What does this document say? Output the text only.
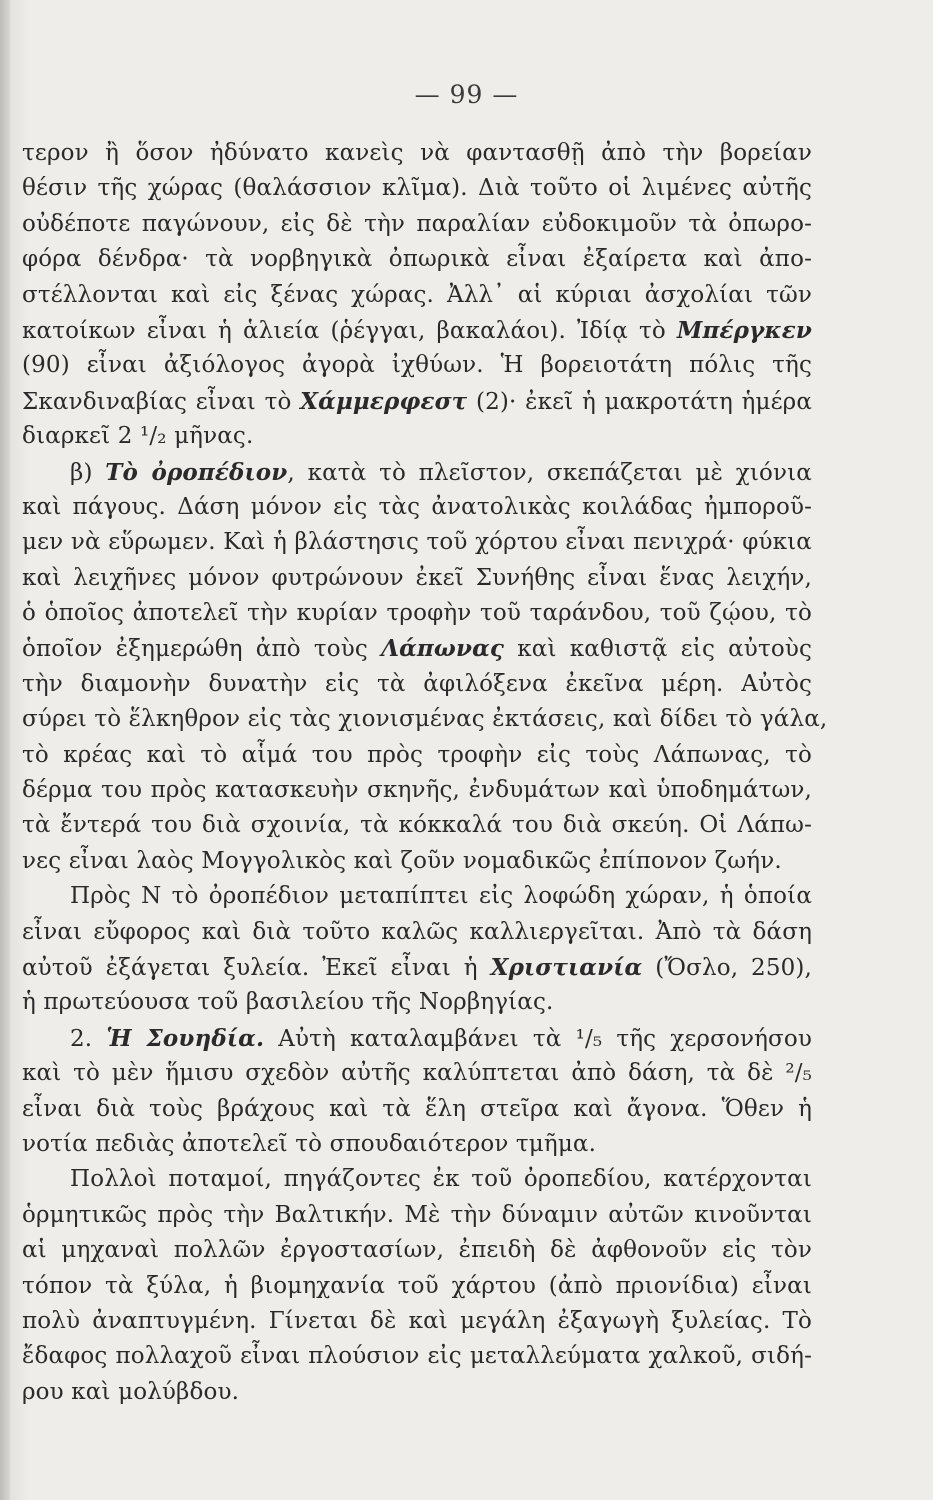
— 99 —
τερον ἢ ὅσον ἠδύνατο κανεὶς νὰ φαντασθῇ ἀπὸ τὴν βορείαν
θέσιν τῆς χώρας (θαλάσσιον κλῖμα). Διὰ τοῦτο οἱ λιμένες αὐτῆς
οὐδέποτε παγώνουν, εἰς δὲ τὴν παραλίαν εὐδοκιμοῦν τὰ ὀπωρο-
φόρα δένδρα· τὰ νορβηγικὰ ὀπωρικὰ εἶναι ἐξαίρετα καὶ ἀπο-
στέλλονται καὶ εἰς ξένας χώρας. Ἀλλ᾽ αἱ κύριαι ἀσχολίαι τῶν
κατοίκων εἶναι ἡ ἁλιεία (ῥέγγαι, βακαλάοι). Ἰδίᾳ τὸ Μπέργκεν
(90) εἶναι ἀξιόλογος ἀγορὰ ἰχθύων. Ἡ βορειοτάτη πόλις τῆς
Σκανδιναβίας εἶναι τὸ Χάμμερφεστ (2)· ἐκεῖ ἡ μακροτάτη ἡμέρα
διαρκεῖ 2 ¹/₂ μῆνας.
β) Τὸ ὀροπέδιον, κατὰ τὸ πλεῖστον, σκεπάζεται μὲ χιόνια
καὶ πάγους. Δάση μόνον εἰς τὰς ἀνατολικὰς κοιλάδας ἠμποροῦ-
μεν νὰ εὕρωμεν. Καὶ ἡ βλάστησις τοῦ χόρτου εἶναι πενιχρά· φύκια
καὶ λειχῆνες μόνον φυτρώνουν ἐκεῖ Συνήθης εἶναι ἕνας λειχήν,
ὁ ὁποῖος ἀποτελεῖ τὴν κυρίαν τροφὴν τοῦ ταράνδου, τοῦ ζῴου, τὸ
ὁποῖον ἐξημερώθη ἀπὸ τοὺς Λάπωνας καὶ καθιστᾷ εἰς αὐτοὺς
τὴν διαμονὴν δυνατὴν εἰς τὰ ἀφιλόξενα ἐκεῖνα μέρη. Αὐτὸς
σύρει τὸ ἕλκηθρον εἰς τὰς χιονισμένας ἐκτάσεις, καὶ δίδει τὸ γάλα,
τὸ κρέας καὶ τὸ αἷμά του πρὸς τροφὴν εἰς τοὺς Λάπωνας, τὸ
δέρμα του πρὸς κατασκευὴν σκηνῆς, ἐνδυμάτων καὶ ὑποδημάτων,
τὰ ἔντερά του διὰ σχοινία, τὰ κόκκαλά του διὰ σκεύη. Οἱ Λάπω-
νες εἶναι λαὸς Μογγολικὸς καὶ ζοῦν νομαδικῶς ἐπίπονον ζωήν.
Πρὸς Ν τὸ ὀροπέδιον μεταπίπτει εἰς λοφώδη χώραν, ἡ ὁποία
εἶναι εὔφορος καὶ διὰ τοῦτο καλῶς καλλιεργεῖται. Ἀπὸ τὰ δάση
αὐτοῦ ἐξάγεται ξυλεία. Ἐκεῖ εἶναι ἡ Χριστιανία (Ὄσλο, 250),
ἡ πρωτεύουσα τοῦ βασιλείου τῆς Νορβηγίας.
2. Ἡ Σουηδία. Αὐτὴ καταλαμβάνει τὰ ¹/₅ τῆς χερσονήσου
καὶ τὸ μὲν ἥμισυ σχεδὸν αὐτῆς καλύπτεται ἀπὸ δάση, τὰ δὲ ²/₅
εἶναι διὰ τοὺς βράχους καὶ τὰ ἕλη στεῖρα καὶ ἄγονα. Ὅθεν ἡ
νοτία πεδιὰς ἀποτελεῖ τὸ σπουδαιότερον τμῆμα.
Πολλοὶ ποταμοί, πηγάζοντες ἐκ τοῦ ὀροπεδίου, κατέρχονται
ὁρμητικῶς πρὸς τὴν Βαλτικήν. Μὲ τὴν δύναμιν αὐτῶν κινοῦνται
αἱ μηχαναὶ πολλῶν ἐργοστασίων, ἐπειδὴ δὲ ἀφθονοῦν εἰς τὸν
τόπον τὰ ξύλα, ἡ βιομηχανία τοῦ χάρτου (ἀπὸ πριονίδια) εἶναι
πολὺ ἀναπτυγμένη. Γίνεται δὲ καὶ μεγάλη ἐξαγωγὴ ξυλείας. Τὸ
ἔδαφος πολλαχοῦ εἶναι πλούσιον εἰς μεταλλεύματα χαλκοῦ, σιδή-
ρου καὶ μολύβδου.
